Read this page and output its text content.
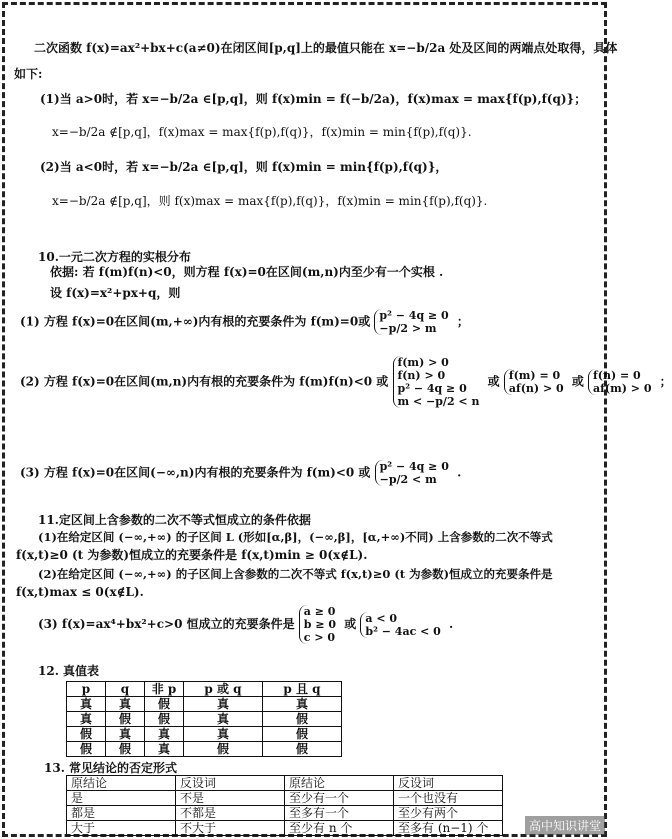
二次函数 f(x)=ax²+bx+c(a≠0)在闭区间[p,q]上的最值只能在 x=−b/2a 处及区间的两端点处取得，具体
如下:
(1)当 a>0时，若 x=−b/2a ∈[p,q]，则 f(x)min = f(−b/2a)，f(x)max = max{f(p),f(q)}；
x=−b/2a ∉[p,q]，f(x)max = max{f(p),f(q)}，f(x)min = min{f(p),f(q)}.
(2)当 a<0时，若 x=−b/2a ∈[p,q]，则 f(x)min = min{f(p),f(q)}，
x=−b/2a ∉[p,q]，则 f(x)max = max{f(p),f(q)}，f(x)min = min{f(p),f(q)}.
10.一元二次方程的实根分布
依据: 若 f(m)f(n)<0，则方程 f(x)=0在区间(m,n)内至少有一个实根 .
设 f(x)=x²+px+q，则
(1) 方程 f(x)=0在区间(m,+∞)内有根的充要条件为 f(m)=0或 p² − 4q ≥ 0
−p/2 > m	；
(2) 方程 f(x)=0在区间(m,n)内有根的充要条件为 f(m)f(n)<0 或
f(m) > 0
f(n) > 0
p² − 4q ≥ 0
m < −p/2 < n
或 f(m) = 0
af(n) > 0 或 f(n) = 0
af(m) > 0 ；
(3) 方程 f(x)=0在区间(−∞,n)内有根的充要条件为 f(m)<0 或 p² − 4q ≥ 0
−p/2 < m	.
11.定区间上含参数的二次不等式恒成立的条件依据
(1)在给定区间 (−∞,+∞) 的子区间 L (形如[α,β]，(−∞,β]，[α,+∞)不同) 上含参数的二次不等式
f(x,t)≥0 (t 为参数)恒成立的充要条件是 f(x,t)min ≥ 0(x∉L).
(2)在给定区间 (−∞,+∞) 的子区间上含参数的二次不等式 f(x,t)≥0 (t 为参数)恒成立的充要条件是
f(x,t)max ≤ 0(x∉L).
(3) f(x)=ax⁴+bx²+c>0 恒成立的充要条件是
a ≥ 0
b ≥ 0
c > 0
或 a < 0
b² − 4ac < 0 .
12. 真值表
p	q	非 p	p 或 q	p 且 q
真	真	假	真	真
真	假	假	真	假
假	真	真	真	假
假	假	真	假	假
13. 常见结论的否定形式
原结论	反设词	原结论	反设词
是	不是	至少有一个	一个也没有
都是	不都是	至多有一个	至少有两个
大于	不大于	至少有 n 个	至多有 (n−1) 个	高中知识讲堂
